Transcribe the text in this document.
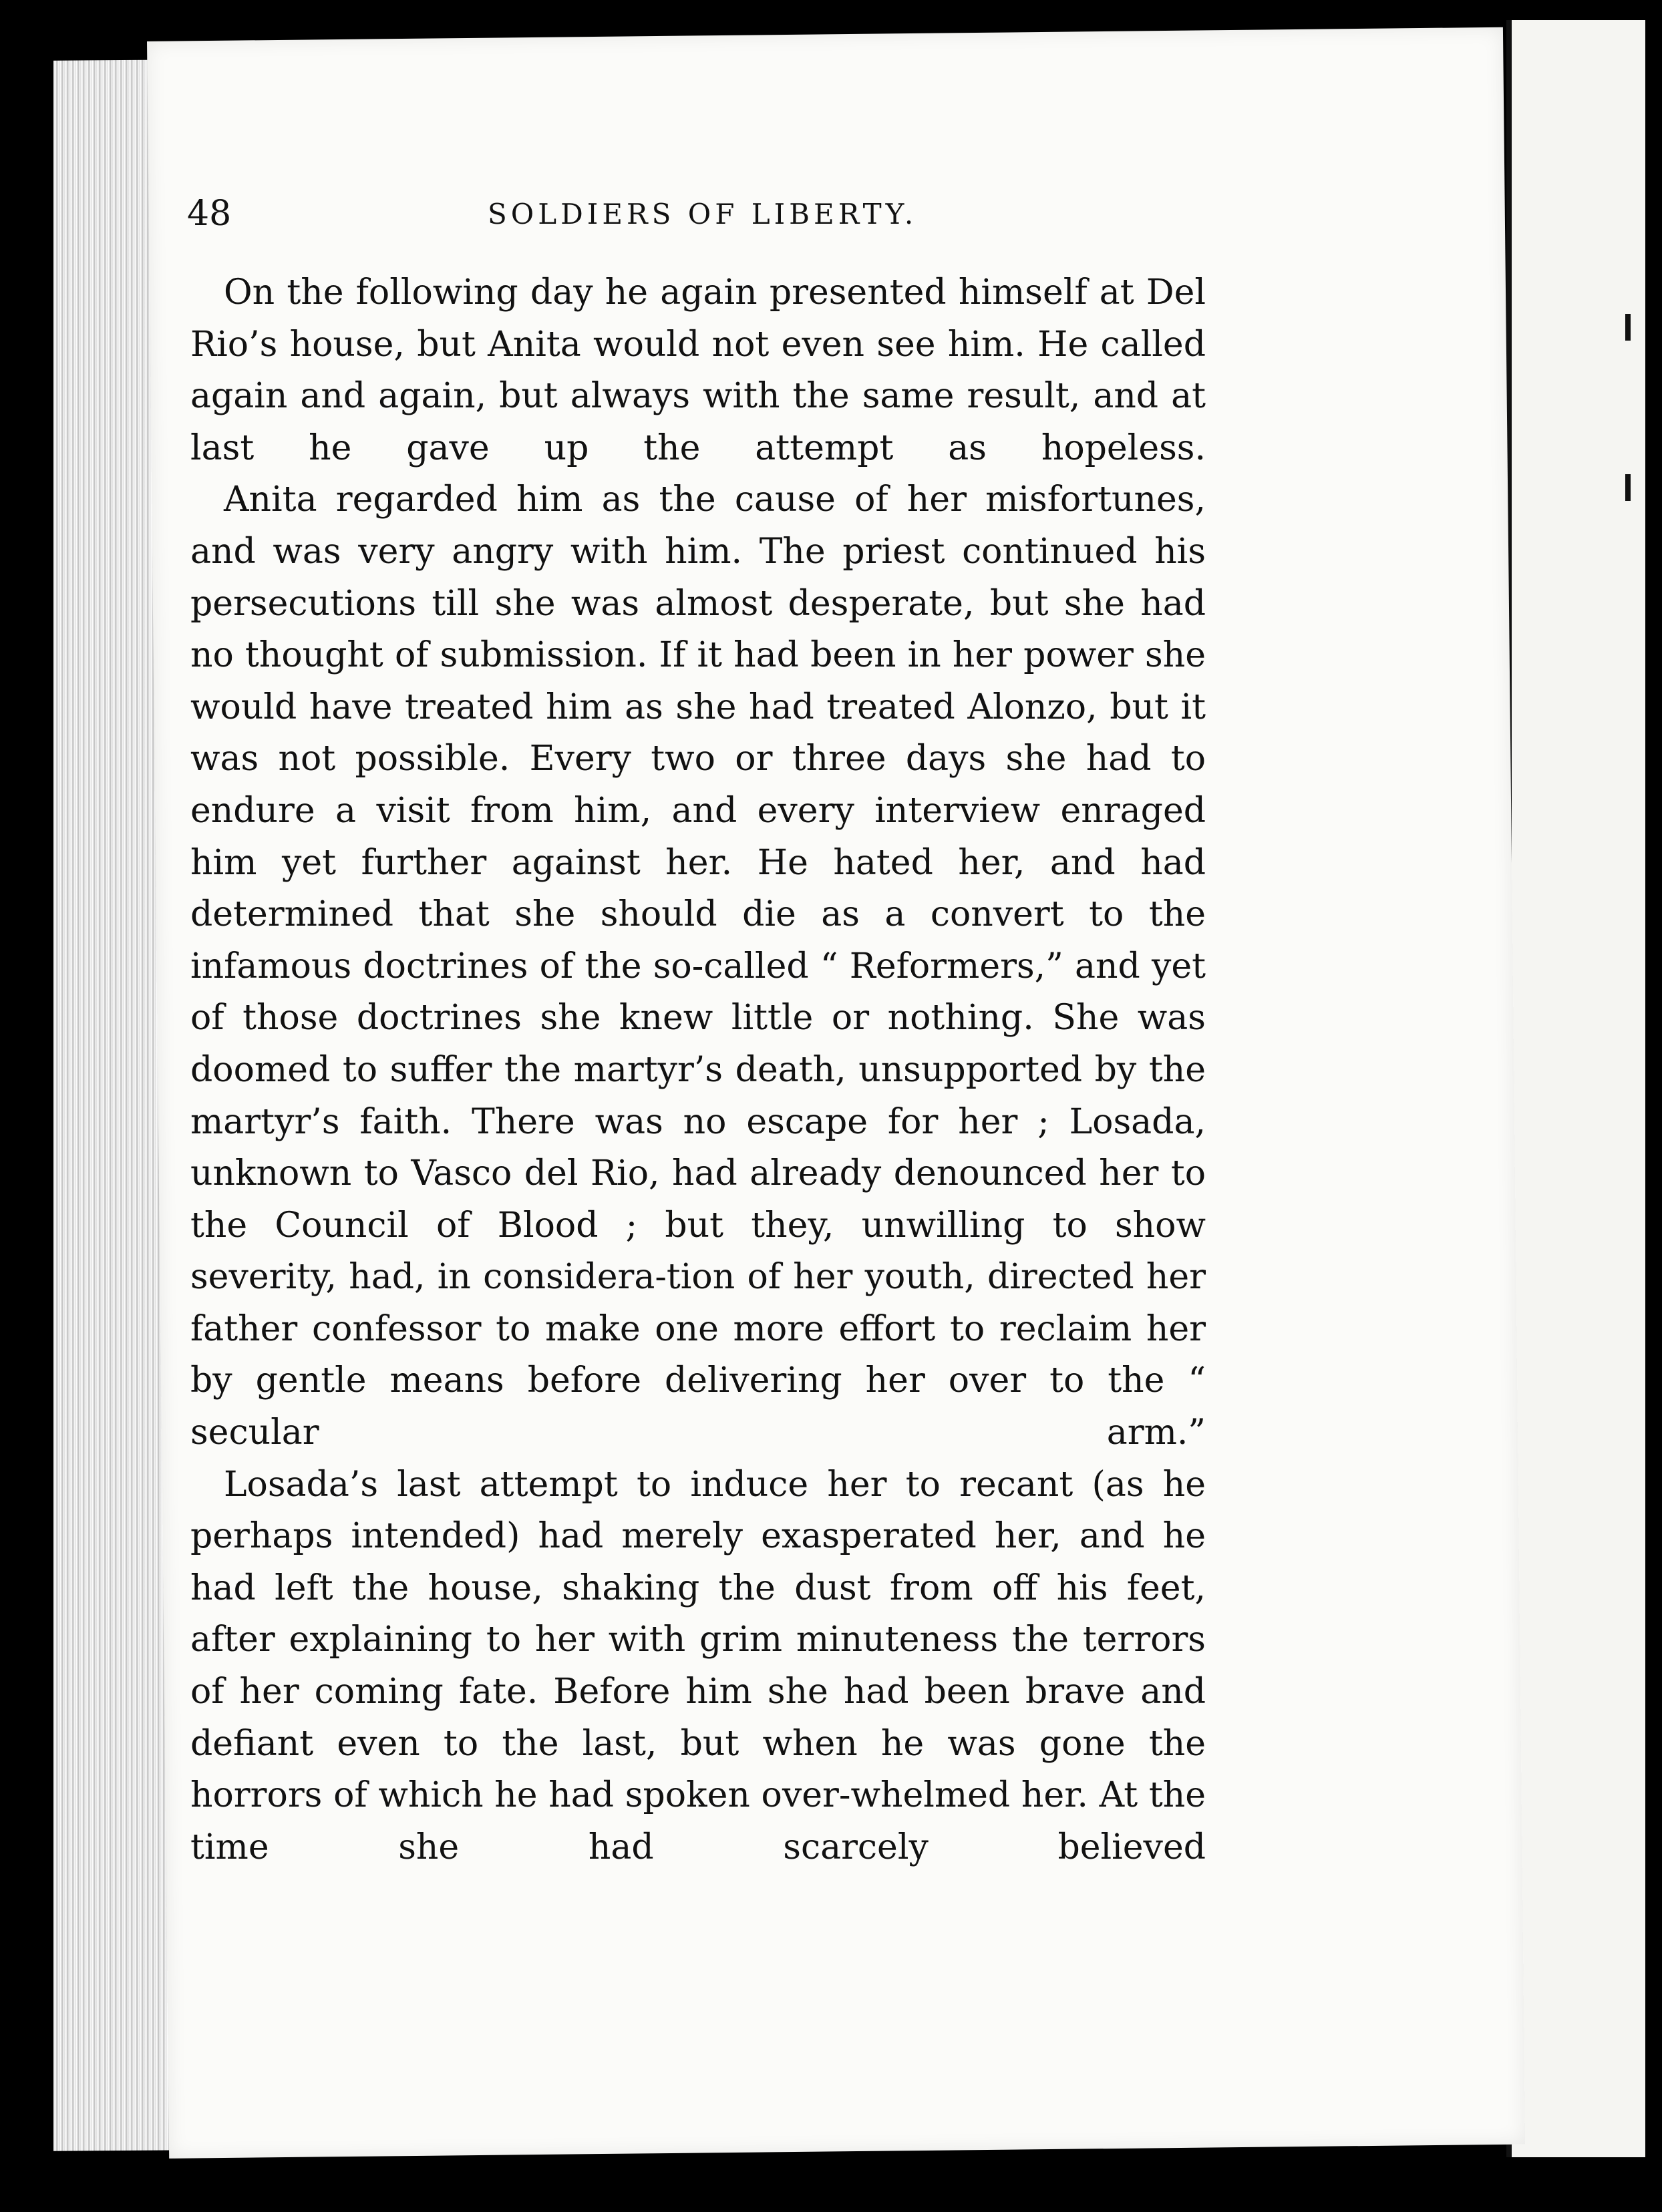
48	SOLDIERS OF LIBERTY.

On the following day he again presented himself at Del Rio’s house, but Anita would not even see him. He called again and again, but always with the same result, and at last he gave up the attempt as hopeless.

Anita regarded him as the cause of her misfortunes, and was very angry with him. The priest continued his persecutions till she was almost desperate, but she had no thought of submission. If it had been in her power she would have treated him as she had treated Alonzo, but it was not possible. Every two or three days she had to endure a visit from him, and every interview enraged him yet further against her. He hated her, and had determined that she should die as a convert to the infamous doctrines of the so-called “ Reformers,” and yet of those doctrines she knew little or nothing. She was doomed to suffer the martyr’s death, unsupported by the martyr’s faith. There was no escape for her ; Losada, unknown to Vasco del Rio, had already denounced her to the Council of Blood ; but they, unwilling to show severity, had, in considera-tion of her youth, directed her father confessor to make one more effort to reclaim her by gentle means before delivering her over to the “ secular arm.”

Losada’s last attempt to induce her to recant (as he perhaps intended) had merely exasperated her, and he had left the house, shaking the dust from off his feet, after explaining to her with grim minuteness the terrors of her coming fate. Before him she had been brave and defiant even to the last, but when he was gone the horrors of which he had spoken over-whelmed her. At the time she had scarcely believed
